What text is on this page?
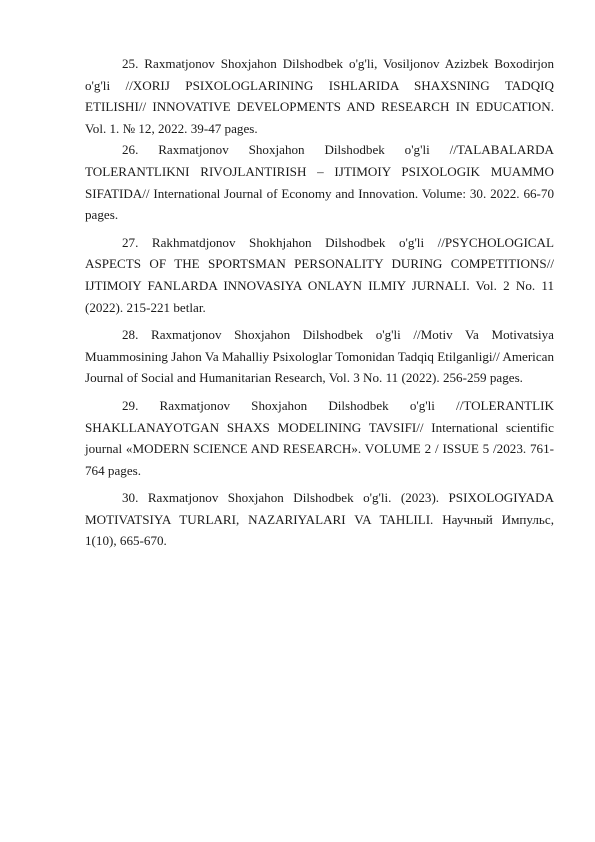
25. Raxmatjonov Shoxjahon Dilshodbek o'g'li, Vosiljonov Azizbek Boxodirjon o'g'li //XORIJ PSIXOLOGLARINING ISHLARIDA SHAXSNING TADQIQ ETILISHI// INNOVATIVE DEVELOPMENTS AND RESEARCH IN EDUCATION. Vol. 1. № 12, 2022. 39-47 pages.

26. Raxmatjonov Shoxjahon Dilshodbek o'g'li //TALABALARDA TOLERANTLIKNI RIVOJLANTIRISH – IJTIMOIY PSIXOLOGIK MUAMMO SIFATIDA// International Journal of Economy and Innovation. Volume: 30. 2022. 66-70 pages.

27. Rakhmatdjonov Shokhjahon Dilshodbek o'g'li //PSYCHOLOGICAL ASPECTS OF THE SPORTSMAN PERSONALITY DURING COMPETITIONS// IJTIMOIY FANLARDA INNOVASIYA ONLAYN ILMIY JURNALI. Vol. 2 No. 11 (2022). 215-221 betlar.

28. Raxmatjonov Shoxjahon Dilshodbek o'g'li //Motiv Va Motivatsiya Muammosining Jahon Va Mahalliy Psixologlar Tomonidan Tadqiq Etilganligi// American Journal of Social and Humanitarian Research, Vol. 3 No. 11 (2022). 256-259 pages.

29. Raxmatjonov Shoxjahon Dilshodbek o'g'li //TOLERANTLIK SHAKLLANAYOTGAN SHAXS MODELINING TAVSIFI// International scientific journal «MODERN SCIENCE AND RESEARCH». VOLUME 2 / ISSUE 5 /2023. 761-764 pages.

30. Raxmatjonov Shoxjahon Dilshodbek o'g'li. (2023). PSIXOLOGIYADA MOTIVATSIYA TURLARI, NAZARIYALARI VA TAHLILI. Научный Импульс, 1(10), 665-670.
